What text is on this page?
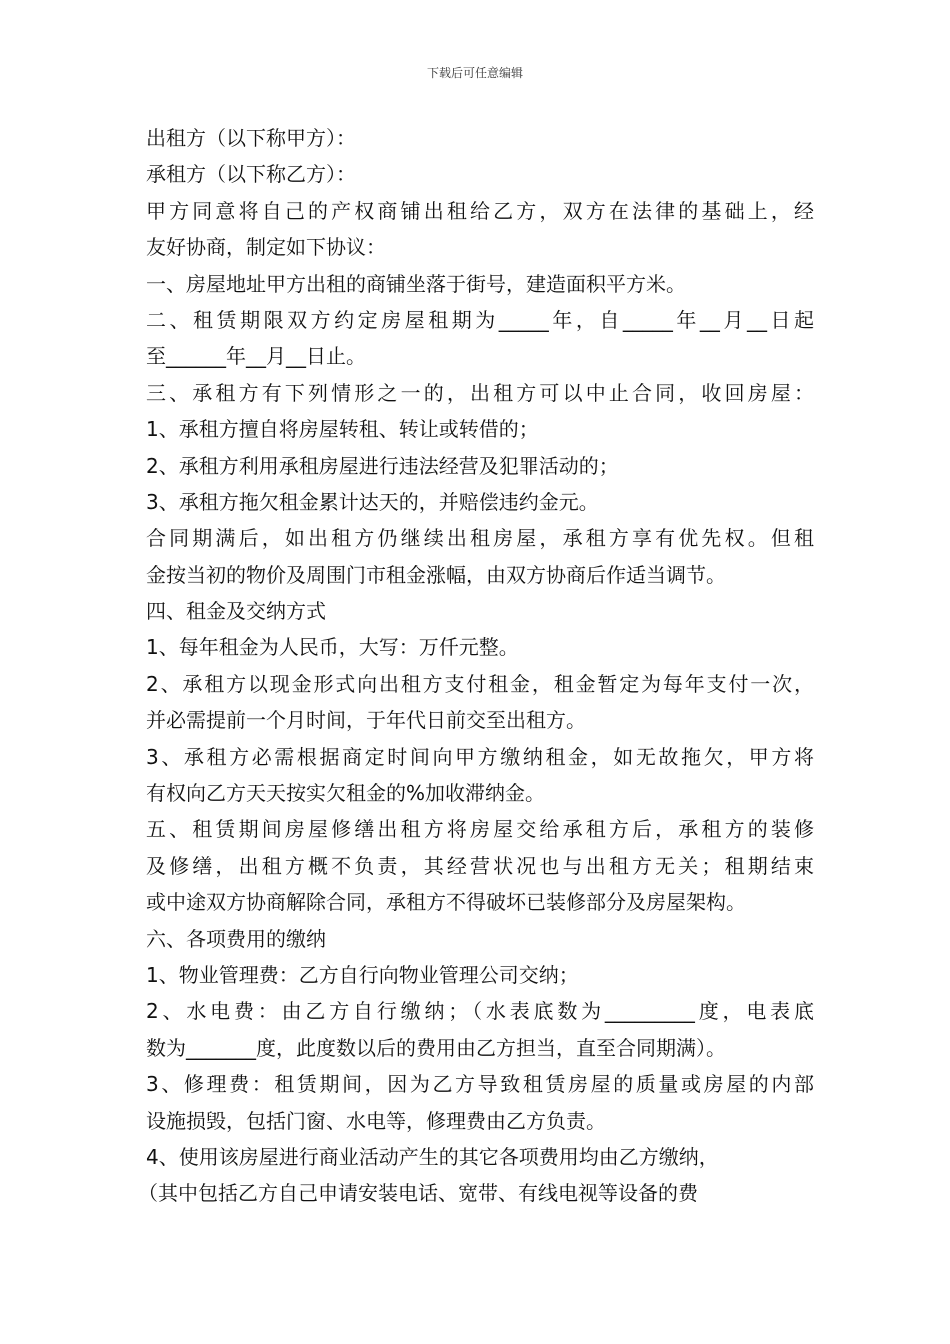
下载后可任意编辑
出租方（以下称甲方）：
承租方（以下称乙方）：
甲方同意将自己的产权商铺出租给乙方，双方在法律的基础上，经
友好协商，制定如下协议：
一、房屋地址甲方出租的商铺坐落于街号，建造面积平方米。
二、租赁期限双方约定房屋租期为_____年，自_____年__月__日起
至______年__月__日止。
三、承租方有下列情形之一的，出租方可以中止合同，收回房屋：
1、承租方擅自将房屋转租、转让或转借的；
2、承租方利用承租房屋进行违法经营及犯罪活动的；
3、承租方拖欠租金累计达天的，并赔偿违约金元。
合同期满后，如出租方仍继续出租房屋，承租方享有优先权。但租
金按当初的物价及周围门市租金涨幅，由双方协商后作适当调节。
四、租金及交纳方式
1、每年租金为人民币，大写：万仟元整。
2、承租方以现金形式向出租方支付租金，租金暂定为每年支付一次，
并必需提前一个月时间，于年代日前交至出租方。
3、承租方必需根据商定时间向甲方缴纳租金，如无故拖欠，甲方将
有权向乙方天天按实欠租金的%加收滞纳金。
五、租赁期间房屋修缮出租方将房屋交给承租方后，承租方的装修
及修缮，出租方概不负责，其经营状况也与出租方无关；租期结束
或中途双方协商解除合同，承租方不得破坏已装修部分及房屋架构。
六、各项费用的缴纳
1、物业管理费：乙方自行向物业管理公司交纳；
2、水电费：由乙方自行缴纳；（水表底数为_________度，电表底
数为_______度，此度数以后的费用由乙方担当，直至合同期满）。
3、修理费：租赁期间，因为乙方导致租赁房屋的质量或房屋的内部
设施损毁，包括门窗、水电等，修理费由乙方负责。
4、使用该房屋进行商业活动产生的其它各项费用均由乙方缴纳，
（其中包括乙方自己申请安装电话、宽带、有线电视等设备的费
